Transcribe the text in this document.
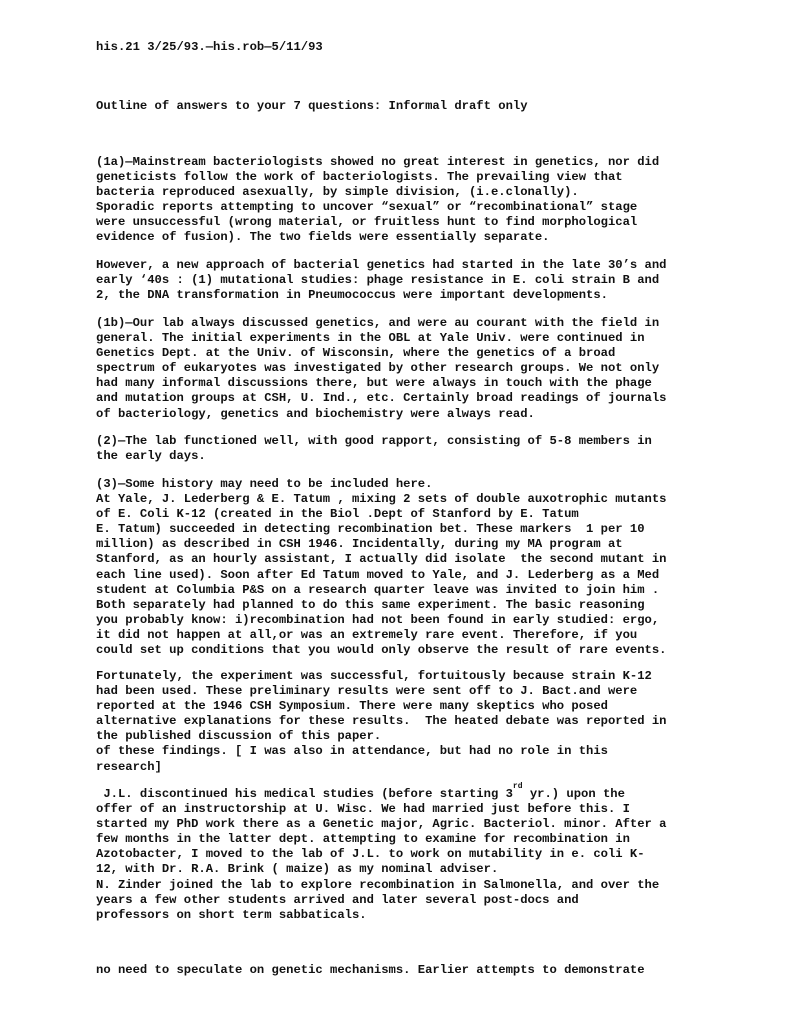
his.21 3/25/93.—his.rob—5/11/93
Outline of answers to your 7 questions: Informal draft only
(1a)—Mainstream bacteriologists showed no great interest in genetics, nor did
geneticists follow the work of bacteriologists. The prevailing view that
bacteria reproduced asexually, by simple division, (i.e.clonally).
Sporadic reports attempting to uncover “sexual” or “recombinational” stage
were unsuccessful (wrong material, or fruitless hunt to find morphological
evidence of fusion). The two fields were essentially separate.
However, a new approach of bacterial genetics had started in the late 30’s and
early ‘40s : (1) mutational studies: phage resistance in E. coli strain B and
2, the DNA transformation in Pneumococcus were important developments.
(1b)—Our lab always discussed genetics, and were au courant with the field in
general. The initial experiments in the OBL at Yale Univ. were continued in
Genetics Dept. at the Univ. of Wisconsin, where the genetics of a broad
spectrum of eukaryotes was investigated by other research groups. We not only
had many informal discussions there, but were always in touch with the phage
and mutation groups at CSH, U. Ind., etc. Certainly broad readings of journals
of bacteriology, genetics and biochemistry were always read.
(2)—The lab functioned well, with good rapport, consisting of 5-8 members in
the early days.
(3)—Some history may need to be included here.
At Yale, J. Lederberg & E. Tatum , mixing 2 sets of double auxotrophic mutants
of E. Coli K-12 (created in the Biol .Dept of Stanford by E. Tatum
E. Tatum) succeeded in detecting recombination bet. These markers  1 per 10
million) as described in CSH 1946. Incidentally, during my MA program at
Stanford, as an hourly assistant, I actually did isolate  the second mutant in
each line used). Soon after Ed Tatum moved to Yale, and J. Lederberg as a Med
student at Columbia P&S on a research quarter leave was invited to join him .
Both separately had planned to do this same experiment. The basic reasoning
you probably know: i)recombination had not been found in early studied: ergo,
it did not happen at all,or was an extremely rare event. Therefore, if you
could set up conditions that you would only observe the result of rare events.
Fortunately, the experiment was successful, fortuitously because strain K-12
had been used. These preliminary results were sent off to J. Bact.and were
reported at the 1946 CSH Symposium. There were many skeptics who posed
alternative explanations for these results.  The heated debate was reported in
the published discussion of this paper.
of these findings. [ I was also in attendance, but had no role in this
research]
J.L. discontinued his medical studies (before starting 3rd yr.) upon the
offer of an instructorship at U. Wisc. We had married just before this. I
started my PhD work there as a Genetic major, Agric. Bacteriol. minor. After a
few months in the latter dept. attempting to examine for recombination in
Azotobacter, I moved to the lab of J.L. to work on mutability in e. coli K-
12, with Dr. R.A. Brink ( maize) as my nominal adviser.
N. Zinder joined the lab to explore recombination in Salmonella, and over the
years a few other students arrived and later several post-docs and
professors on short term sabbaticals.
no need to speculate on genetic mechanisms. Earlier attempts to demonstrate
